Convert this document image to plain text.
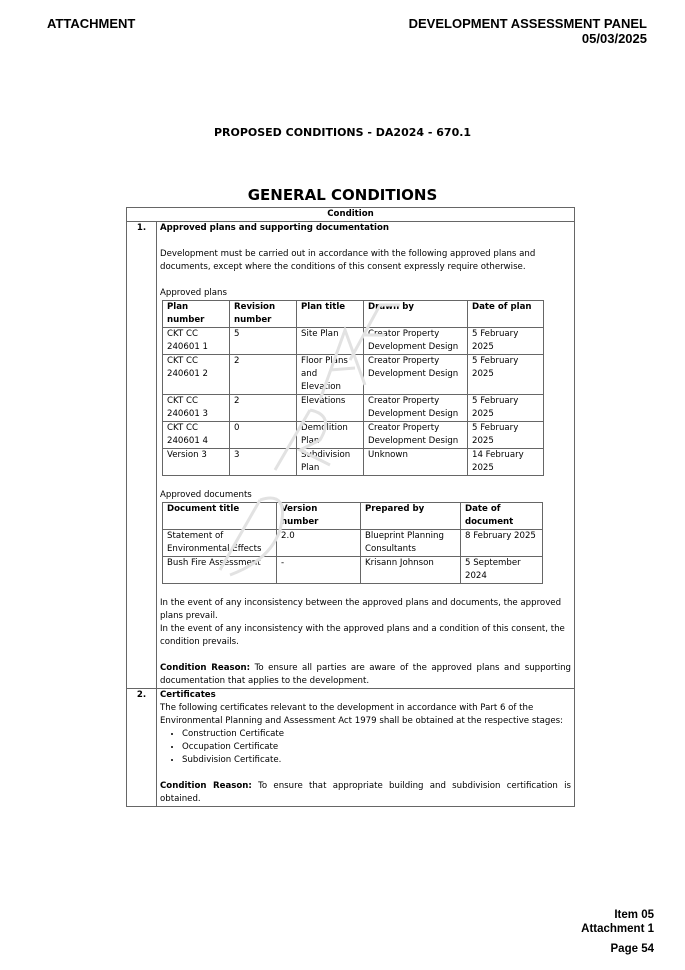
ATTACHMENT	DEVELOPMENT ASSESSMENT PANEL
05/03/2025
PROPOSED CONDITIONS - DA2024 - 670.1
GENERAL CONDITIONS
Condition
1.	Approved plans and supporting documentation

Development must be carried out in accordance with the following approved plans and documents, except where the conditions of this consent expressly require otherwise.

Approved plans
Plan number	Revision number	Plan title	Drawn by	Date of plan
CKT CC 240601 1	5	Site Plan	Creator Property Development Design	5 February 2025
CKT CC 240601 2	2	Floor Plans and Elevation	Creator Property Development Design	5 February 2025
CKT CC 240601 3	2	Elevations	Creator Property Development Design	5 February 2025
CKT CC 240601 4	0	Demolition Plan	Creator Property Development Design	5 February 2025
Version 3	3	Subdivision Plan	Unknown	14 February 2025
Approved documents
Document title	Version number	Prepared by	Date of document
Statement of Environmental Effects	2.0	Blueprint Planning Consultants	8 February 2025
Bush Fire Assessment	-	Krisann Johnson	5 September 2024

In the event of any inconsistency between the approved plans and documents, the approved plans prevail.

In the event of any inconsistency with the approved plans and a condition of this consent, the condition prevails.

Condition Reason: To ensure all parties are aware of the approved plans and supporting documentation that applies to the development.

2.	Certificates

The following certificates relevant to the development in accordance with Part 6 of the Environmental Planning and Assessment Act 1979 shall be obtained at the respective stages:

• Construction Certificate
• Occupation Certificate
• Subdivision Certificate.

Condition Reason: To ensure that appropriate building and subdivision certification is obtained.

Item 05
Attachment 1
Page 54
